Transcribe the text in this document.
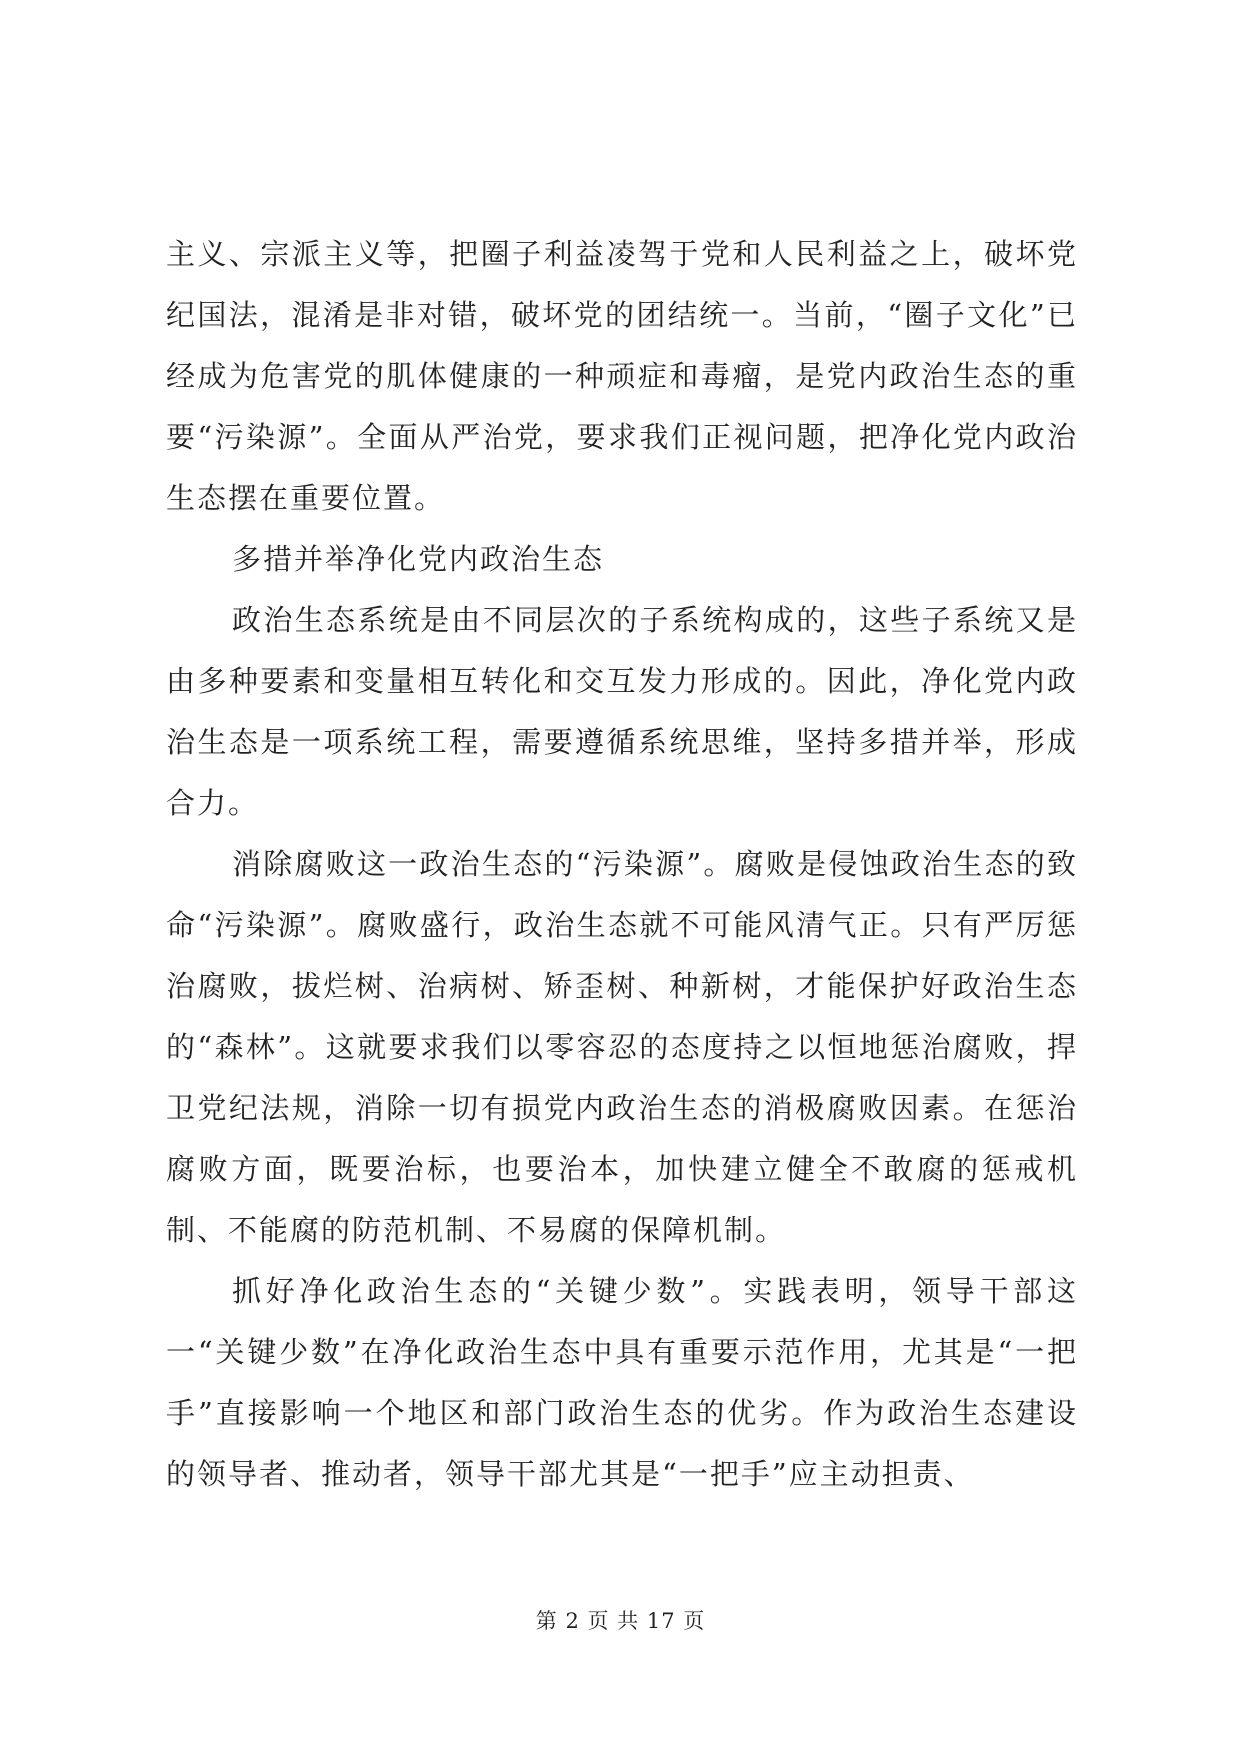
主义、宗派主义等，把圈子利益凌驾于党和人民利益之上，破坏党纪国法，混淆是非对错，破坏党的团结统一。当前，“圈子文化”已经成为危害党的肌体健康的一种顽症和毒瘤，是党内政治生态的重要“污染源”。全面从严治党，要求我们正视问题，把净化党内政治生态摆在重要位置。

多措并举净化党内政治生态

政治生态系统是由不同层次的子系统构成的，这些子系统又是由多种要素和变量相互转化和交互发力形成的。因此，净化党内政治生态是一项系统工程，需要遵循系统思维，坚持多措并举，形成合力。

消除腐败这一政治生态的“污染源”。腐败是侵蚀政治生态的致命“污染源”。腐败盛行，政治生态就不可能风清气正。只有严厉惩治腐败，拔烂树、治病树、矫歪树、种新树，才能保护好政治生态的“森林”。这就要求我们以零容忍的态度持之以恒地惩治腐败，捍卫党纪法规，消除一切有损党内政治生态的消极腐败因素。在惩治腐败方面，既要治标，也要治本，加快建立健全不敢腐的惩戒机制、不能腐的防范机制、不易腐的保障机制。

抓好净化政治生态的“关键少数”。实践表明，领导干部这一“关键少数”在净化政治生态中具有重要示范作用，尤其是“一把手”直接影响一个地区和部门政治生态的优劣。作为政治生态建设的领导者、推动者，领导干部尤其是“一把手”应主动担责、

第 2 页 共 17 页
